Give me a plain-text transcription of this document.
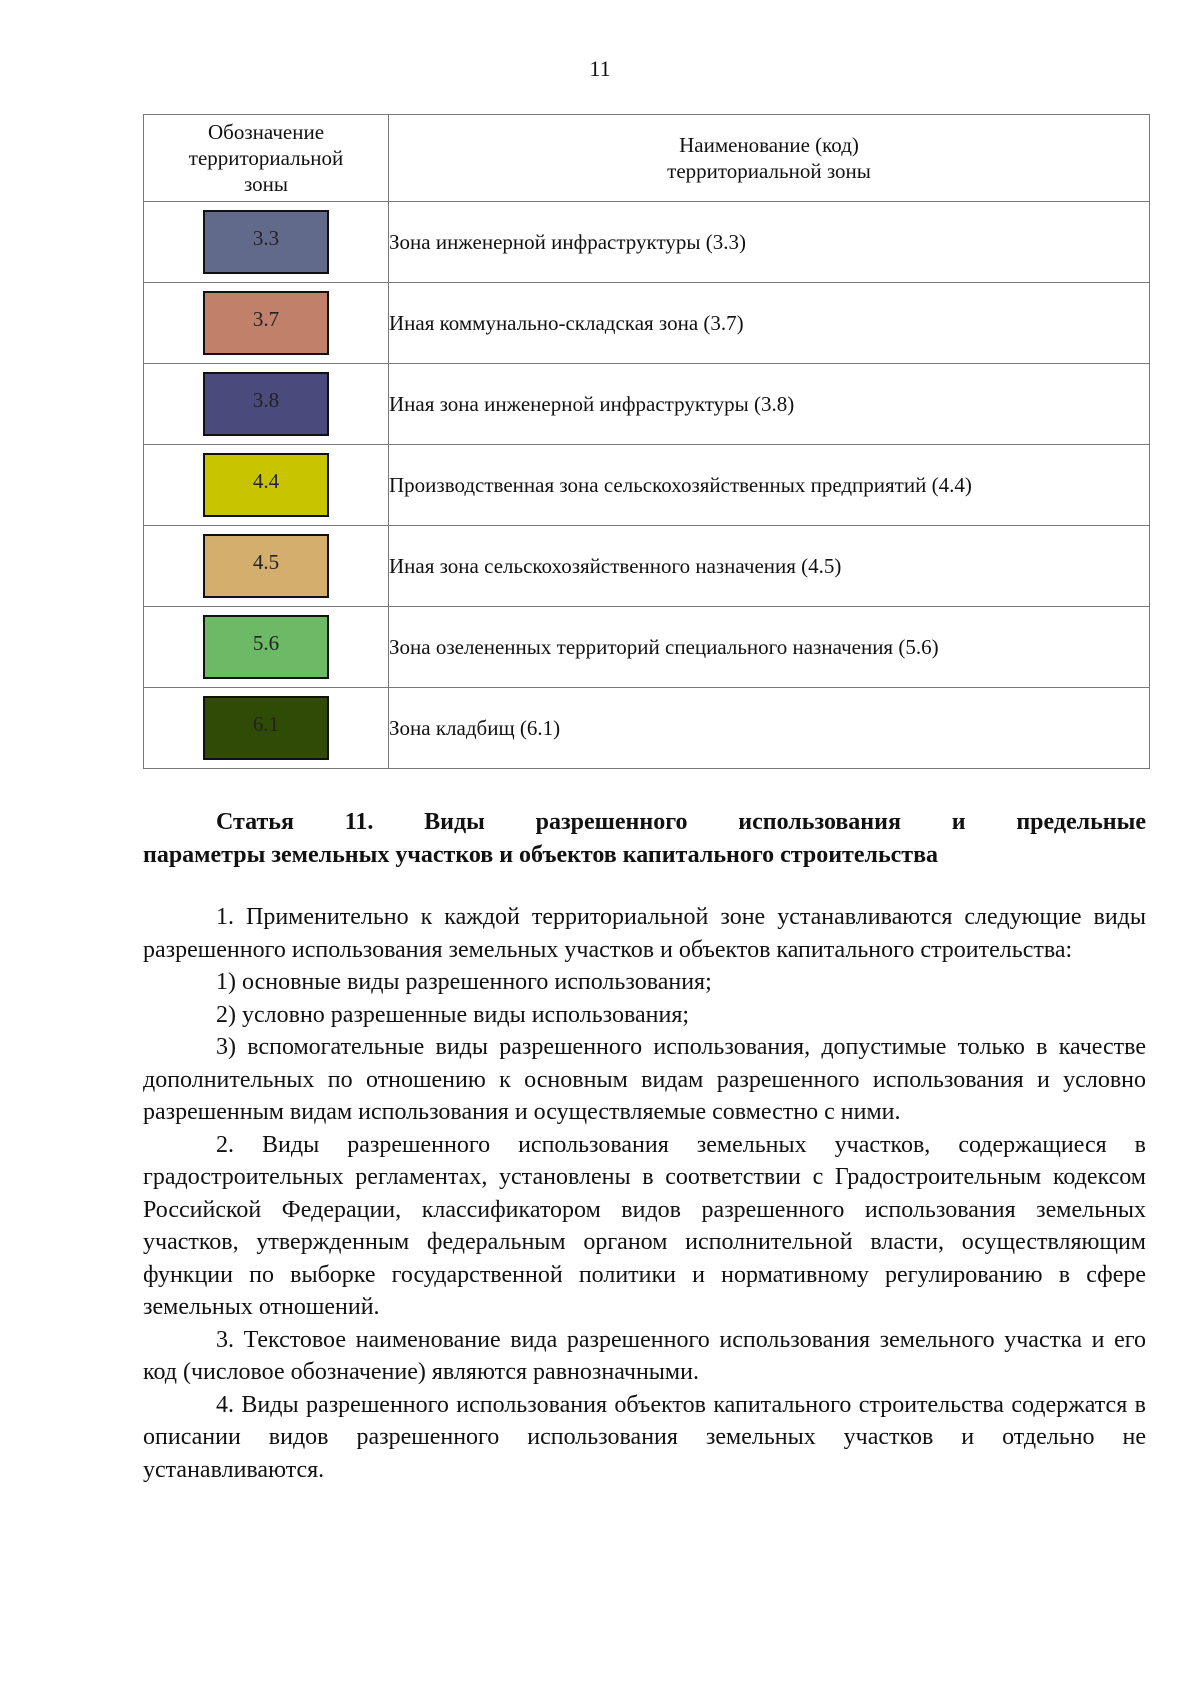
11
Обозначение территориальной зоны	Наименование (код) территориальной зоны

3.3	Зона инженерной инфраструктуры (3.3)
3.7	Иная коммунально-складская зона (3.7)
3.8	Иная зона инженерной инфраструктуры (3.8)
4.4	Производственная зона сельскохозяйственных предприятий (4.4)
4.5	Иная зона сельскохозяйственного назначения (4.5)
5.6	Зона озелененных территорий специального назначения (5.6)
6.1	Зона кладбищ (6.1)
Статья 11. Виды разрешенного использования и предельные
параметры земельных участков и объектов капитального строительства

1. Применительно к каждой территориальной зоне устанавливаются следующие виды разрешенного использования земельных участков и объектов капитального строительства:

1) основные виды разрешенного использования;

2) условно разрешенные виды использования;

3) вспомогательные виды разрешенного использования, допустимые только в качестве дополнительных по отношению к основным видам разрешенного использования и условно разрешенным видам использования и осуществляемые совместно с ними.

2. Виды разрешенного использования земельных участков, содержащиеся в градостроительных регламентах, установлены в соответствии с Градостроительным кодексом Российской Федерации, классификатором видов разрешенного использования земельных участков, утвержденным федеральным органом исполнительной власти, осуществляющим функции по выборке государственной политики и нормативному регулированию в сфере земельных отношений.

3. Текстовое наименование вида разрешенного использования земельного участка и его код (числовое обозначение) являются равнозначными.

4. Виды разрешенного использования объектов капитального строительства содержатся в описании видов разрешенного использования земельных участков и отдельно не устанавливаются.
